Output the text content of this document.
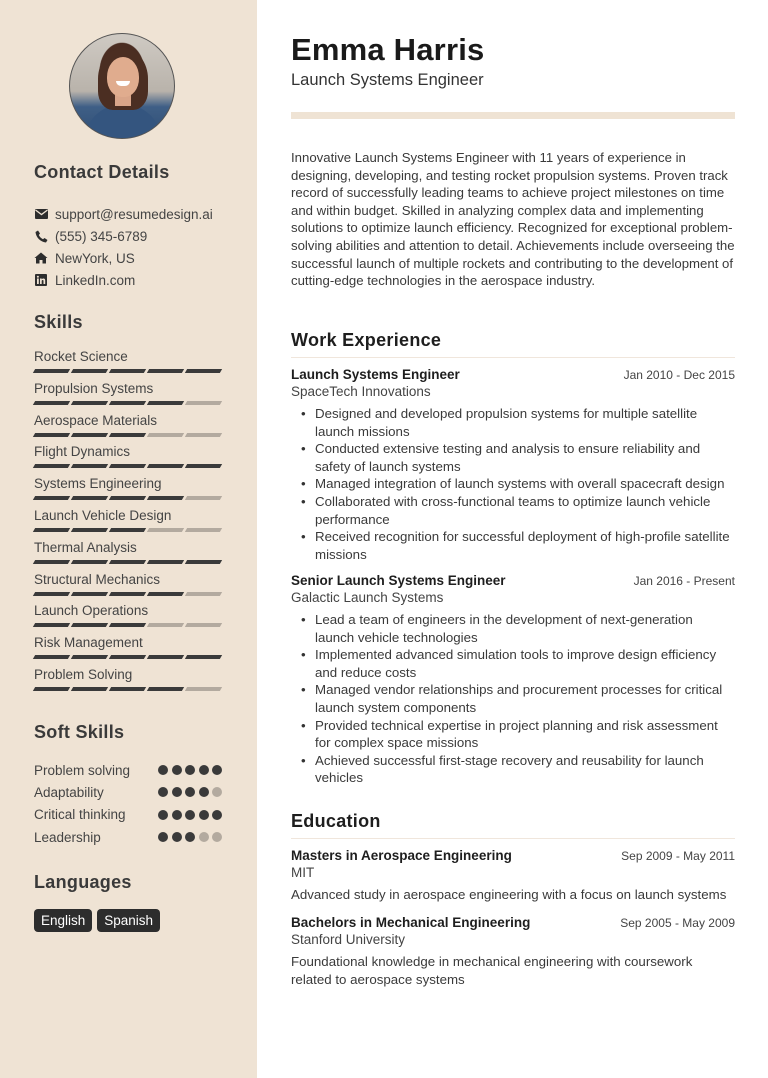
Contact Details
support@resumedesign.ai
(555) 345-6789
NewYork, US
LinkedIn.com
Skills
Rocket Science
Propulsion Systems
Aerospace Materials
Flight Dynamics
Systems Engineering
Launch Vehicle Design
Thermal Analysis
Structural Mechanics
Launch Operations
Risk Management
Problem Solving
Soft Skills
Problem solving
Adaptability
Critical thinking
Leadership
Languages
English	Spanish
Emma Harris
Launch Systems Engineer
Innovative Launch Systems Engineer with 11 years of experience in designing, developing, and testing rocket propulsion systems. Proven track record of successfully leading teams to achieve project milestones on time and within budget. Skilled in analyzing complex data and implementing solutions to optimize launch efficiency. Recognized for exceptional problem-solving abilities and attention to detail. Achievements include overseeing the successful launch of multiple rockets and contributing to the development of cutting-edge technologies in the aerospace industry.
Work Experience
Launch Systems Engineer	Jan 2010 - Dec 2015
SpaceTech Innovations
• Designed and developed propulsion systems for multiple satellite launch missions
• Conducted extensive testing and analysis to ensure reliability and safety of launch systems
• Managed integration of launch systems with overall spacecraft design
• Collaborated with cross-functional teams to optimize launch vehicle performance
• Received recognition for successful deployment of high-profile satellite missions
Senior Launch Systems Engineer	Jan 2016 - Present
Galactic Launch Systems
• Lead a team of engineers in the development of next-generation launch vehicle technologies
• Implemented advanced simulation tools to improve design efficiency and reduce costs
• Managed vendor relationships and procurement processes for critical launch system components
• Provided technical expertise in project planning and risk assessment for complex space missions
• Achieved successful first-stage recovery and reusability for launch vehicles
Education
Masters in Aerospace Engineering	Sep 2009 - May 2011
MIT
Advanced study in aerospace engineering with a focus on launch systems
Bachelors in Mechanical Engineering	Sep 2005 - May 2009
Stanford University
Foundational knowledge in mechanical engineering with coursework related to aerospace systems
